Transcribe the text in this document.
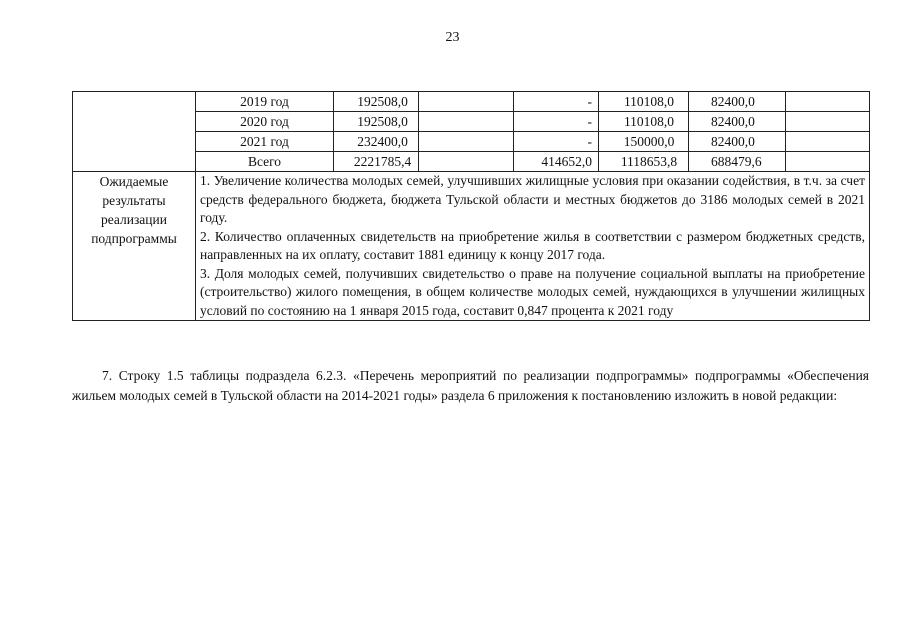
23
	2019 год	192508,0		-	110108,0	82400,0	
	2020 год	192508,0		-	110108,0	82400,0	
	2021 год	232400,0		-	150000,0	82400,0	
	Всего	2221785,4		414652,0	1118653,8	688479,6	
Ожидаемые результаты реализации подпрограммы	1. Увеличение количества молодых семей, улучшивших жилищные условия при оказании содействия, в т.ч. за счет средств федерального бюджета, бюджета Тульской области и местных бюджетов до 3186 молодых семей в 2021 году.
2. Количество оплаченных свидетельств на приобретение жилья в соответствии с размером бюджетных средств, направленных на их оплату, составит 1881 единицу к концу 2017 года.
3. Доля молодых семей, получивших свидетельство о праве на получение социальной выплаты на приобретение (строительство) жилого помещения, в общем количестве молодых семей, нуждающихся в улучшении жилищных условий по состоянию на 1 января 2015 года, составит 0,847 процента к 2021 году						
7. Строку 1.5 таблицы подраздела 6.2.3. «Перечень мероприятий по реализации подпрограммы» подпрограммы «Обеспечения жильем молодых семей в Тульской области на 2014-2021 годы» раздела 6 приложения к постановлению изложить в новой редакции:
